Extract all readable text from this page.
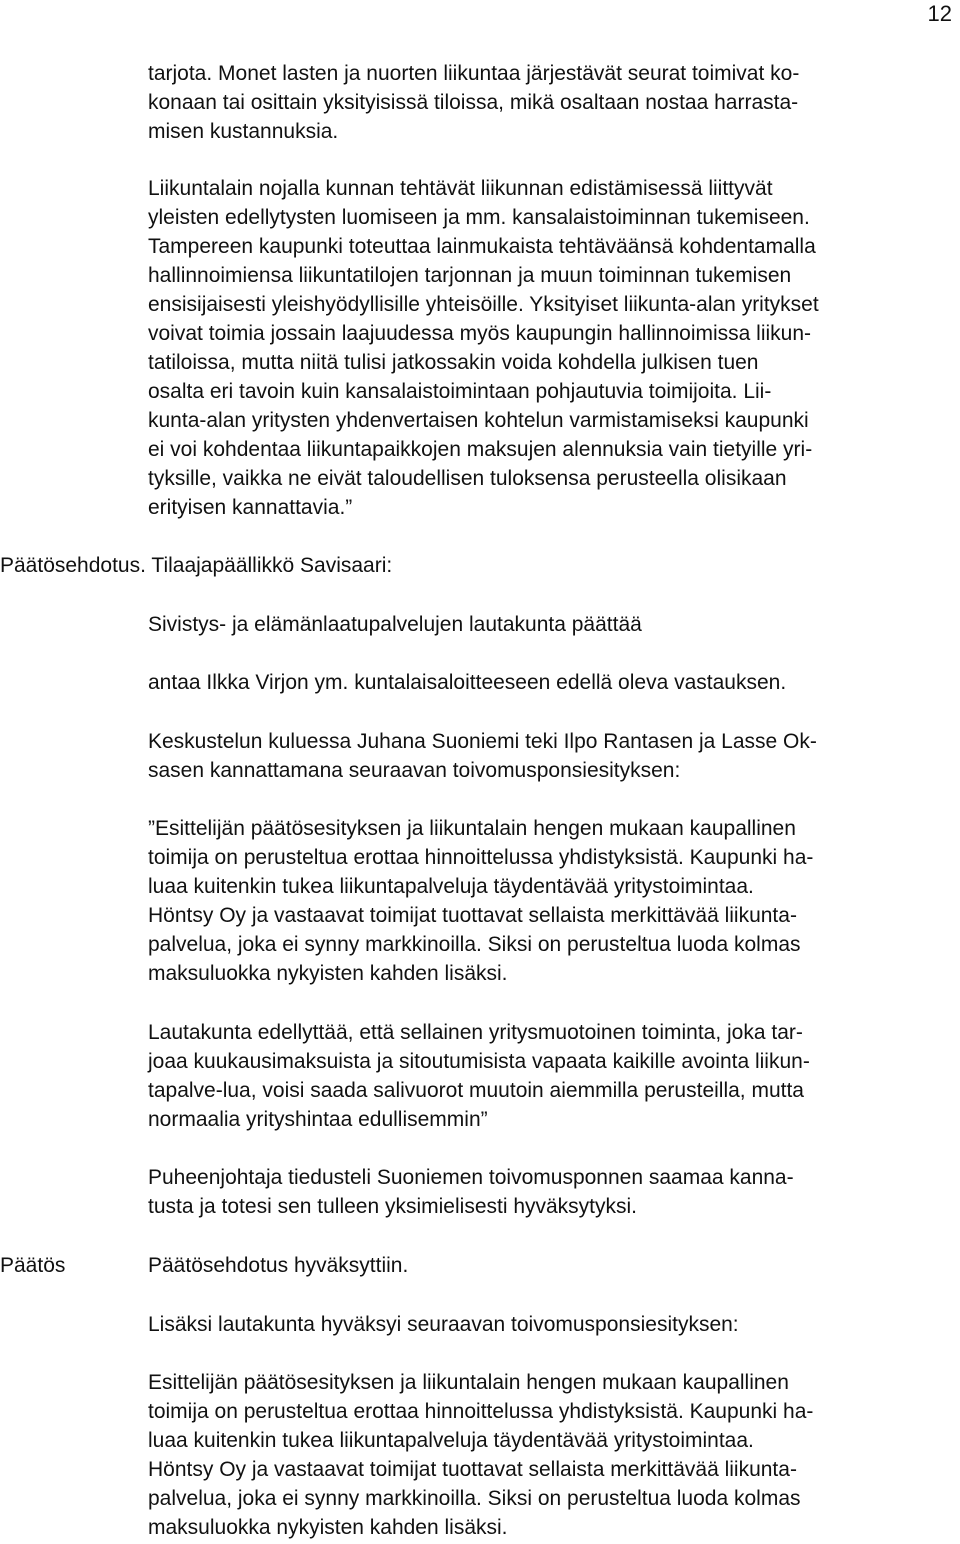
12
tarjota. Monet lasten ja nuorten liikuntaa järjestävät seurat toimivat ko-
konaan tai osittain yksityisissä tiloissa, mikä osaltaan nostaa harrasta-
misen kustannuksia.
Liikuntalain nojalla kunnan tehtävät liikunnan edistämisessä liittyvät
yleisten edellytysten luomiseen ja mm. kansalaistoiminnan tukemiseen.
Tampereen kaupunki toteuttaa lainmukaista tehtäväänsä kohdentamalla
hallinnoimiensa liikuntatilojen tarjonnan ja muun toiminnan tukemisen
ensisijaisesti yleishyödyllisille yhteisöille. Yksityiset liikunta-alan yritykset
voivat toimia jossain laajuudessa myös kaupungin hallinnoimissa liikun-
tatiloissa, mutta niitä tulisi jatkossakin voida kohdella julkisen tuen
osalta eri tavoin kuin kansalaistoimintaan pohjautuvia toimijoita. Lii-
kunta-alan yritysten yhdenvertaisen kohtelun varmistamiseksi kaupunki
ei voi kohdentaa liikuntapaikkojen maksujen alennuksia vain tietyille yri-
tyksille, vaikka ne eivät taloudellisen tuloksensa perusteella olisikaan
erityisen kannattavia.”
Päätösehdotus. Tilaajapäällikkö Savisaari:
Sivistys- ja elämänlaatupalvelujen lautakunta päättää
antaa Ilkka Virjon ym. kuntalaisaloitteeseen edellä oleva vastauksen.
Keskustelun kuluessa Juhana Suoniemi teki Ilpo Rantasen ja Lasse Ok-
sasen kannattamana seuraavan toivomusponsiesityksen:
”Esittelijän päätösesityksen ja liikuntalain hengen mukaan kaupallinen
toimija on perusteltua erottaa hinnoittelussa yhdistyksistä. Kaupunki ha-
luaa kuitenkin tukea liikuntapalveluja täydentävää yritystoimintaa.
Höntsy Oy ja vastaavat toimijat tuottavat sellaista merkittävää liikunta-
palvelua, joka ei synny markkinoilla. Siksi on perusteltua luoda kolmas
maksuluokka nykyisten kahden lisäksi.
Lautakunta edellyttää, että sellainen yritysmuotoinen toiminta, joka tar-
joaa kuukausimaksuista ja sitoutumisista vapaata kaikille avointa liikun-
tapalve-lua, voisi saada salivuorot muutoin aiemmilla perusteilla, mutta
normaalia yrityshintaa edullisemmin”
Puheenjohtaja tiedusteli Suoniemen toivomusponnen saamaa kanna-
tusta ja totesi sen tulleen yksimielisesti hyväksytyksi.
Päätös	Päätösehdotus hyväksyttiin.
Lisäksi lautakunta hyväksyi seuraavan toivomusponsiesityksen:
Esittelijän päätösesityksen ja liikuntalain hengen mukaan kaupallinen
toimija on perusteltua erottaa hinnoittelussa yhdistyksistä. Kaupunki ha-
luaa kuitenkin tukea liikuntapalveluja täydentävää yritystoimintaa.
Höntsy Oy ja vastaavat toimijat tuottavat sellaista merkittävää liikunta-
palvelua, joka ei synny markkinoilla. Siksi on perusteltua luoda kolmas
maksuluokka nykyisten kahden lisäksi.
